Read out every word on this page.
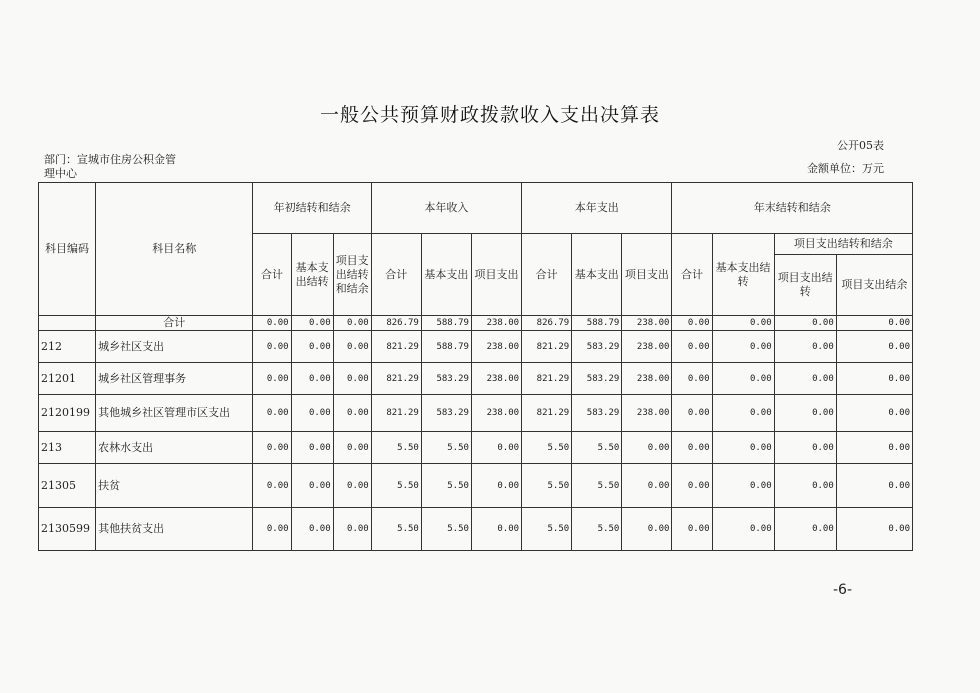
一般公共预算财政拨款收入支出决算表
公开05表
部门：宣城市住房公积金管理中心	金额单位：万元
科目编码	科目名称	年初结转和结余			本年收入			本年支出			年末结转和结余			
		合计	基本支出结转	项目支出结转和结余	合计	基本支出	项目支出	合计	基本支出	项目支出	合计	基本支出结转	项目支出结转和结余	
													项目支出结转	项目支出结余
	合计	0.00	0.00	0.00	826.79	588.79	238.00	826.79	588.79	238.00	0.00	0.00	0.00	0.00
212	城乡社区支出	0.00	0.00	0.00	821.29	588.79	238.00	821.29	583.29	238.00	0.00	0.00	0.00	0.00
21201	城乡社区管理事务	0.00	0.00	0.00	821.29	583.29	238.00	821.29	583.29	238.00	0.00	0.00	0.00	0.00
2120199	其他城乡社区管理市区支出	0.00	0.00	0.00	821.29	583.29	238.00	821.29	583.29	238.00	0.00	0.00	0.00	0.00
213	农林水支出	0.00	0.00	0.00	5.50	5.50	0.00	5.50	5.50	0.00	0.00	0.00	0.00	0.00
21305	扶贫	0.00	0.00	0.00	5.50	5.50	0.00	5.50	5.50	0.00	0.00	0.00	0.00	0.00
2130599	其他扶贫支出	0.00	0.00	0.00	5.50	5.50	0.00	5.50	5.50	0.00	0.00	0.00	0.00	0.00
-6-
